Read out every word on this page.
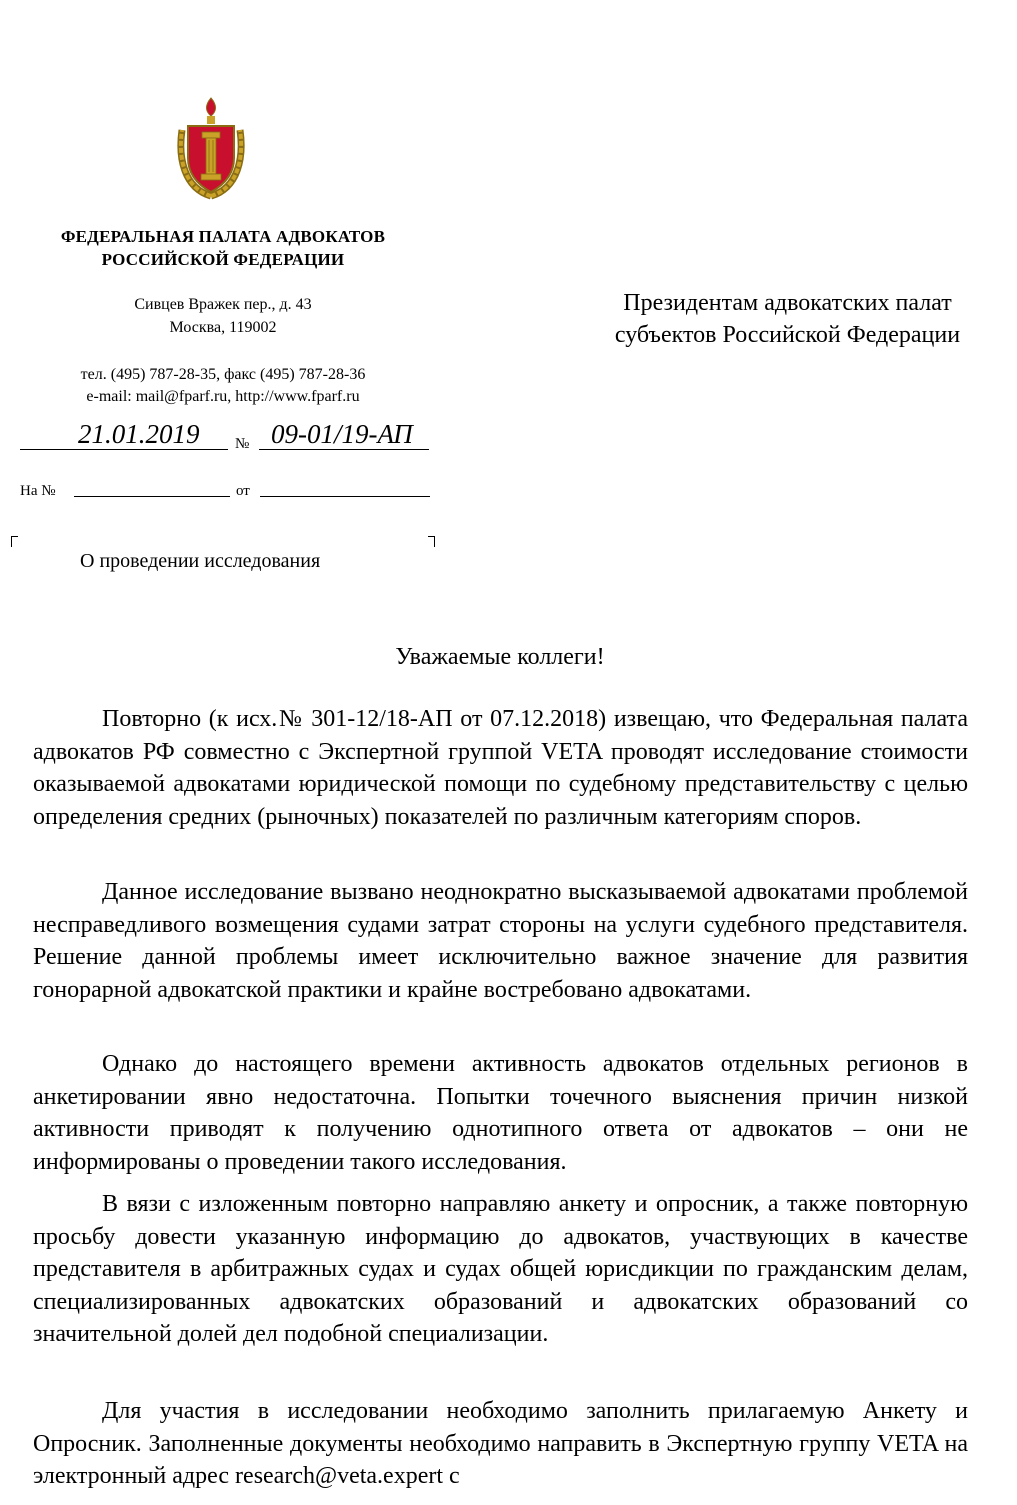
ФЕДЕРАЛЬНАЯ ПАЛАТА АДВОКАТОВ
РОССИЙСКОЙ ФЕДЕРАЦИИ
Сивцев Вражек пер., д. 43
Москва, 119002
тел. (495) 787-28-35, факс (495) 787-28-36
e-mail: mail@fparf.ru, http://www.fparf.ru
21.01.2019 № 09-01/19-АП
На №	от
Президентам адвокатских палат
субъектов Российской Федерации
О проведении исследования
Уважаемые коллеги!

Повторно (к исх.№ 301-12/18-АП от 07.12.2018) извещаю, что Федеральная палата адвокатов РФ совместно с Экспертной группой VETA проводят исследование стоимости оказываемой адвокатами юридической помощи по судебному представительству с целью определения средних (рыночных) показателей по различным категориям споров.

Данное исследование вызвано неоднократно высказываемой адвокатами проблемой несправедливого возмещения судами затрат стороны на услуги судебного представителя. Решение данной проблемы имеет исключительно важное значение для развития гонорарной адвокатской практики и крайне востребовано адвокатами.

Однако до настоящего времени активность адвокатов отдельных регионов в анкетировании явно недостаточна. Попытки точечного выяснения причин низкой активности приводят к получению однотипного ответа от адвокатов – они не информированы о проведении такого исследования.

В вязи с изложенным повторно направляю анкету и опросник, а также повторную просьбу довести указанную информацию до адвокатов, участвующих в качестве представителя в арбитражных судах и судах общей юрисдикции по гражданским делам, специализированных адвокатских образований и адвокатских образований со значительной долей дел подобной специализации.

Для участия в исследовании необходимо заполнить прилагаемую Анкету и Опросник. Заполненные документы необходимо направить в Экспертную группу VETA на электронный адрес research@veta.expert с
